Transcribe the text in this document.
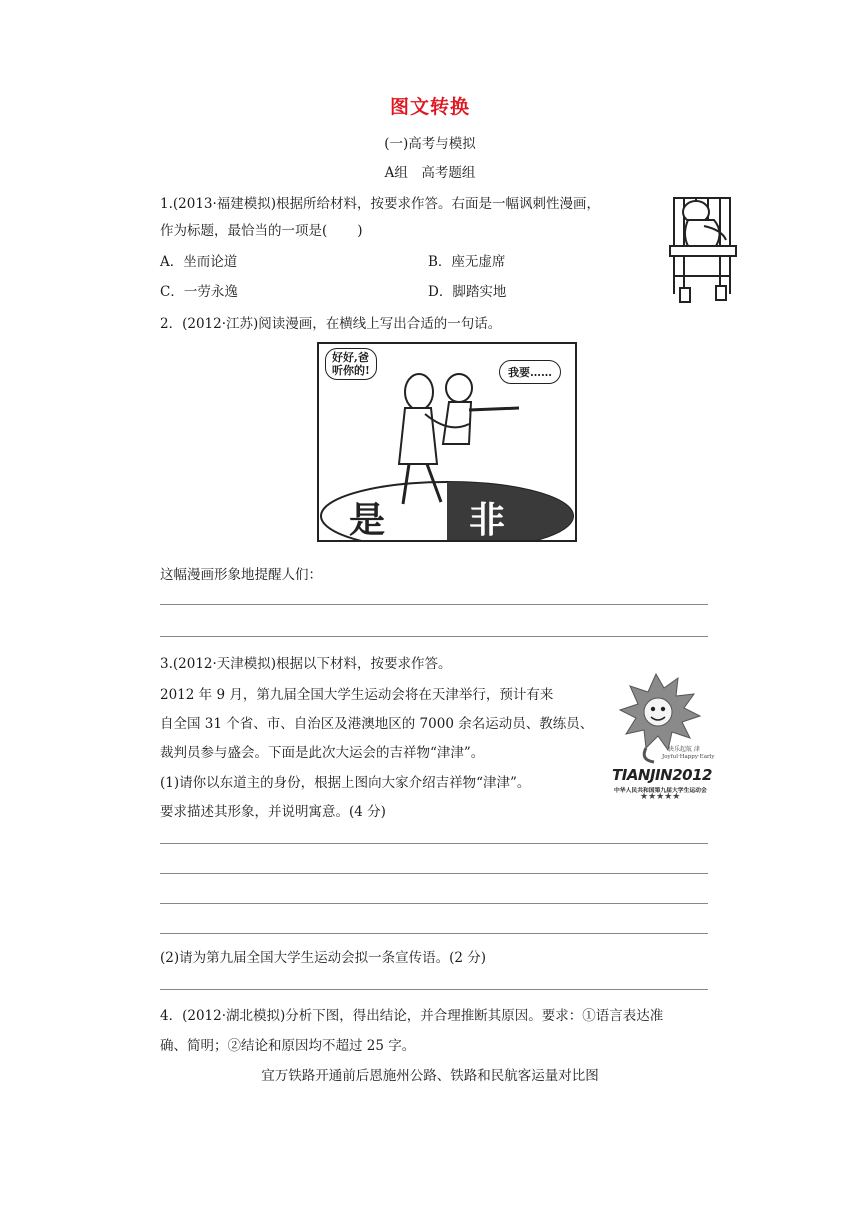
图文转换
(一)高考与模拟
A组　高考题组
1.(2013·福建模拟)根据所给材料，按要求作答。右面是一幅讽刺性漫画，
作为标题，最恰当的一项是( )
A．坐而论道	B．座无虚席
C．一劳永逸	D．脚踏实地
2．(2012·江苏)阅读漫画，在横线上写出合适的一句话。
好好,爸
听你的!	我要……
是 非
这幅漫画形象地提醒人们：
3.(2012·天津模拟)根据以下材料，按要求作答。
2012 年 9 月，第九届全国大学生运动会将在天津举行，预计有来
自全国 31 个省、市、自治区及港澳地区的 7000 余名运动员、教练员、
裁判员参与盛会。下面是此次大运会的吉祥物“津津”。
(1)请你以东道主的身份，根据上图向大家介绍吉祥物“津津”。
要求描述其形象，并说明寓意。(4 分)
快乐起航 津
Joyful·Happy·Early
TIANJIN2012
中华人民共和国第九届大学生运动会
★★★★★
(2)请为第九届全国大学生运动会拟一条宣传语。(2 分)
4．(2012·湖北模拟)分析下图，得出结论，并合理推断其原因。要求：①语言表达准
确、简明；②结论和原因均不超过 25 字。
宜万铁路开通前后恩施州公路、铁路和民航客运量对比图
